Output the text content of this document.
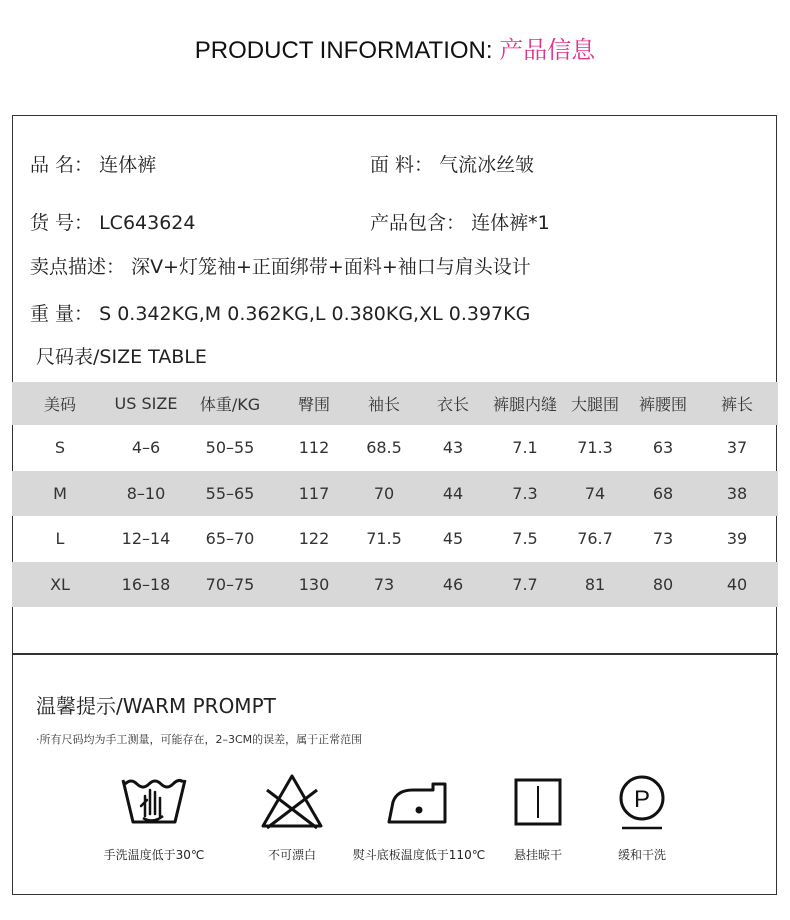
PRODUCT INFORMATION: 产品信息
品 名： 连体裤	面 料： 气流冰丝皱
货 号： LC643624	产品包含： 连体裤*1
卖点描述： 深V+灯笼袖+正面绑带+面料+袖口与肩头设计
重 量： S 0.342KG,M 0.362KG,L 0.380KG,XL 0.397KG
尺码表/SIZE TABLE
美码	US SIZE	体重/KG	臀围	袖长	衣长	裤腿内缝	大腿围	裤腰围	裤长
S	4–6	50–55	112	68.5	43	7.1	71.3	63	37
M	8–10	55–65	117	70	44	7.3	74	68	38
L	12–14	65–70	122	71.5	45	7.5	76.7	73	39
XL	16–18	70–75	130	73	46	7.7	81	80	40
温馨提示/WARM PROMPT
·所有尺码均为手工测量，可能存在，2–3CM的误差，属于正常范围
手洗温度低于30℃	不可漂白	熨斗底板温度低于110℃	悬挂晾干
P
缓和干洗
